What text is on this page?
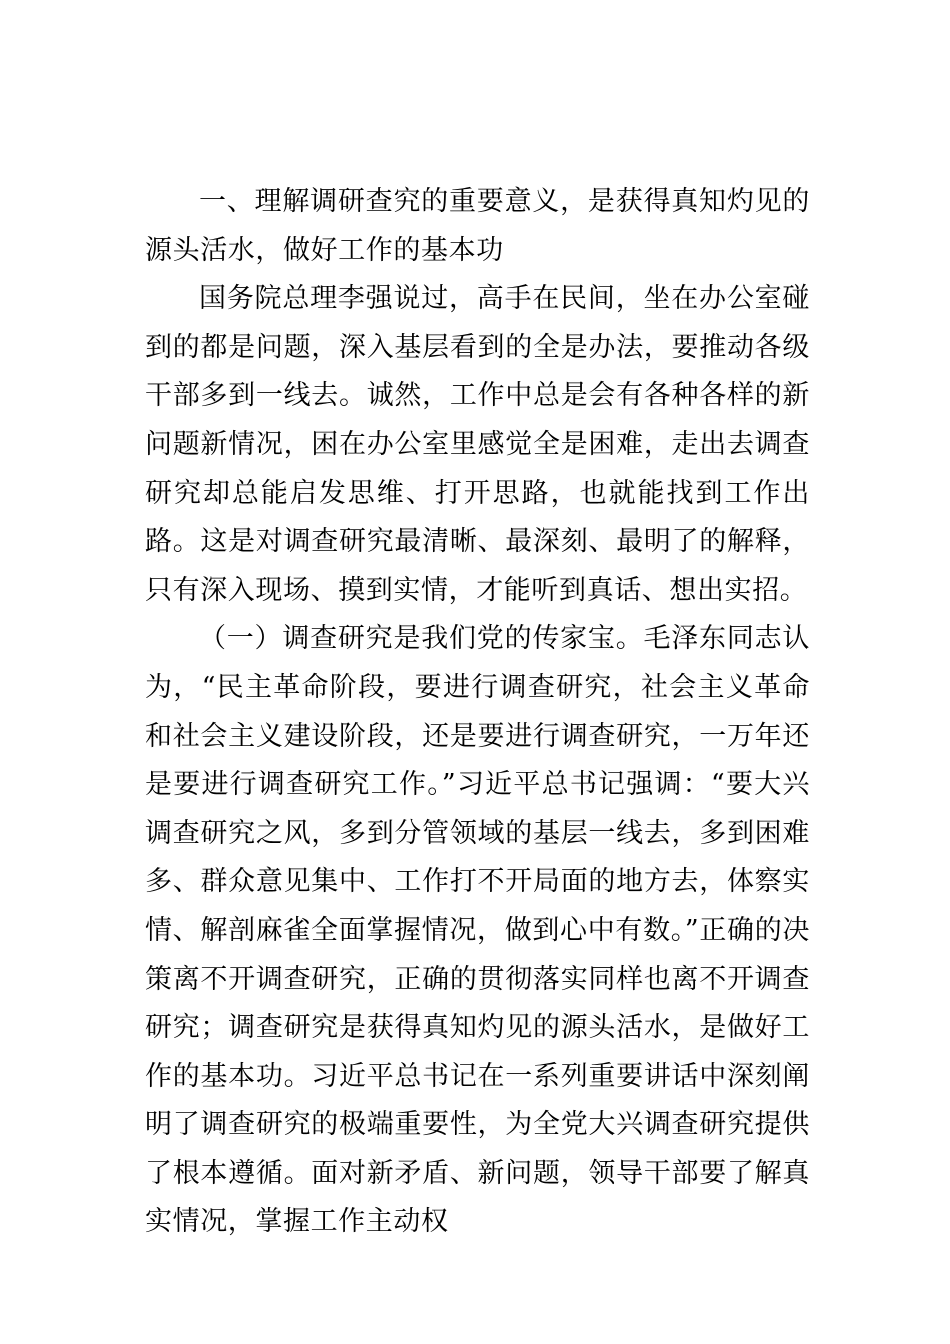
一、理解调研查究的重要意义，是获得真知灼见的源头活水，做好工作的基本功

国务院总理李强说过，高手在民间，坐在办公室碰到的都是问题，深入基层看到的全是办法，要推动各级干部多到一线去。诚然，工作中总是会有各种各样的新问题新情况，困在办公室里感觉全是困难，走出去调查研究却总能启发思维、打开思路，也就能找到工作出路。这是对调查研究最清晰、最深刻、最明了的解释，只有深入现场、摸到实情，才能听到真话、想出实招。

（一）调查研究是我们党的传家宝。毛泽东同志认为，“民主革命阶段，要进行调查研究，社会主义革命和社会主义建设阶段，还是要进行调查研究，一万年还是要进行调查研究工作。”习近平总书记强调：“要大兴调查研究之风，多到分管领域的基层一线去，多到困难多、群众意见集中、工作打不开局面的地方去，体察实情、解剖麻雀全面掌握情况，做到心中有数。”正确的决策离不开调查研究，正确的贯彻落实同样也离不开调查研究；调查研究是获得真知灼见的源头活水，是做好工作的基本功。习近平总书记在一系列重要讲话中深刻阐明了调查研究的极端重要性，为全党大兴调查研究提供了根本遵循。面对新矛盾、新问题，领导干部要了解真实情况，掌握工作主动权
